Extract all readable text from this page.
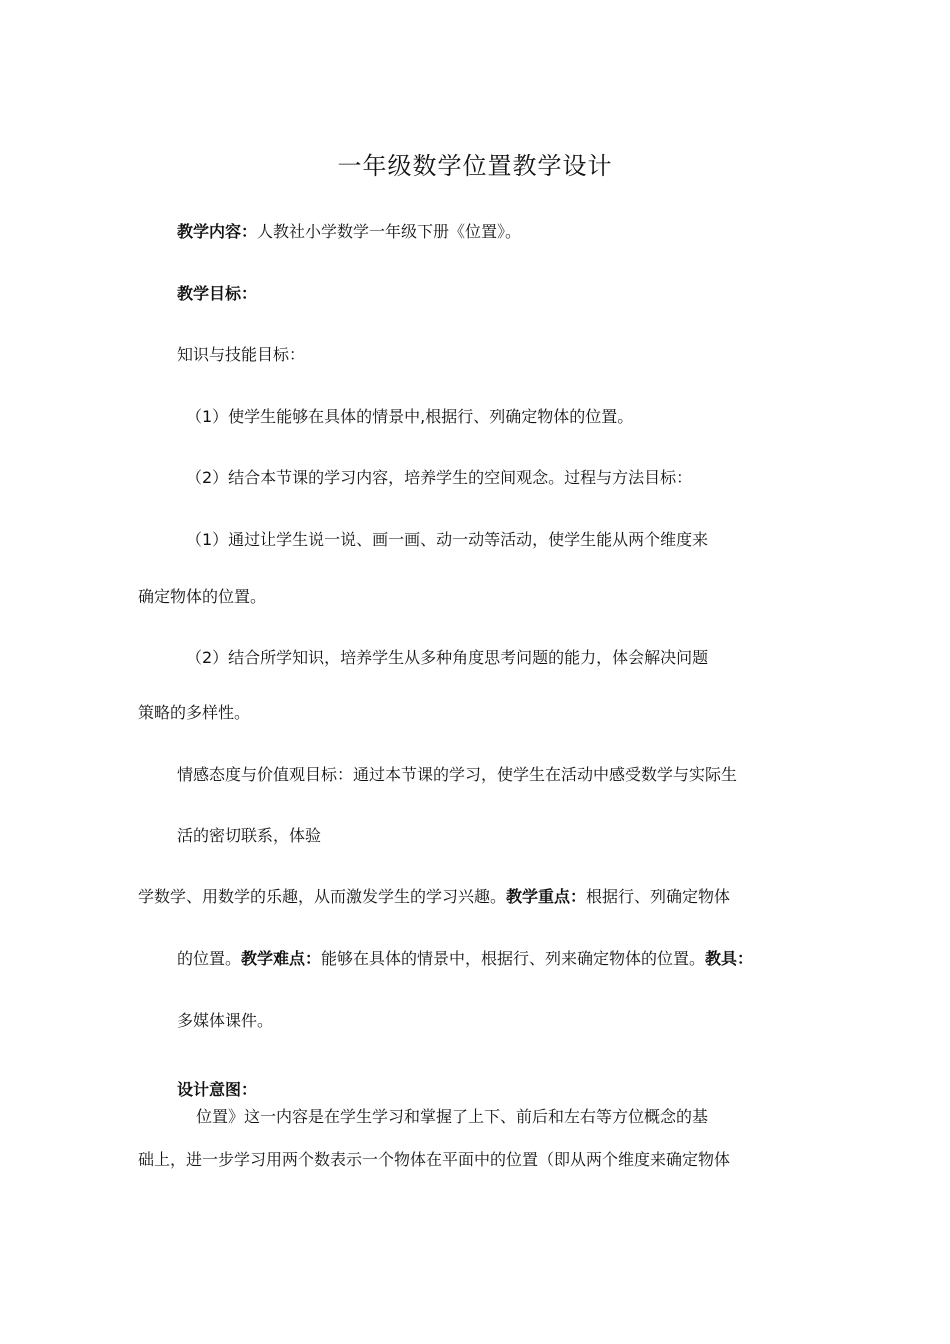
一年级数学位置教学设计
教学内容：人教社小学数学一年级下册《位置》。
教学目标：
知识与技能目标：
（1）使学生能够在具体的情景中,根据行、列确定物体的位置。
（2）结合本节课的学习内容，培养学生的空间观念。过程与方法目标：
（1）通过让学生说一说、画一画、动一动等活动，使学生能从两个维度来
确定物体的位置。
（2）结合所学知识，培养学生从多种角度思考问题的能力，体会解决问题
策略的多样性。
情感态度与价值观目标：通过本节课的学习，使学生在活动中感受数学与实际生
活的密切联系，体验
学数学、用数学的乐趣，从而激发学生的学习兴趣。教学重点：根据行、列确定物体
的位置。教学难点：能够在具体的情景中，根据行、列来确定物体的位置。教具：
多媒体课件。
设计意图：
位置》这一内容是在学生学习和掌握了上下、前后和左右等方位概念的基
础上，进一步学习用两个数表示一个物体在平面中的位置（即从两个维度来确定物体
